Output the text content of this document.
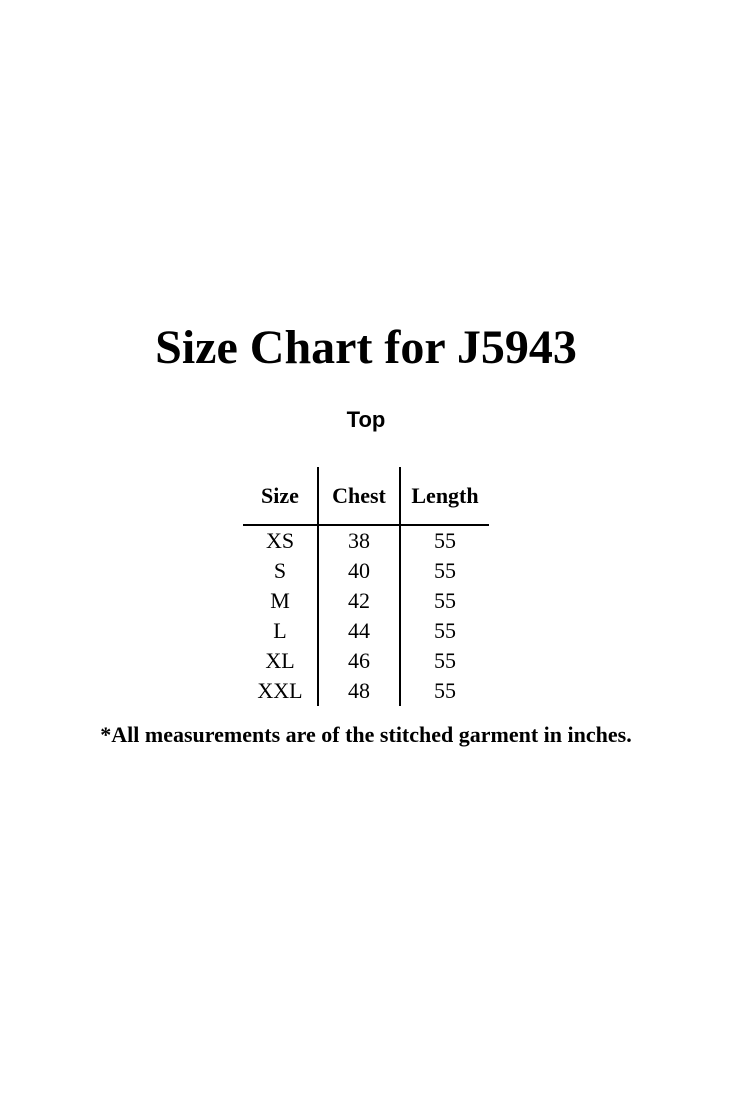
Size Chart for J5943
Top
Size	Chest	Length
XS	38	55
S	40	55
M	42	55
L	44	55
XL	46	55
XXL	48	55
*All measurements are of the stitched garment in inches.
